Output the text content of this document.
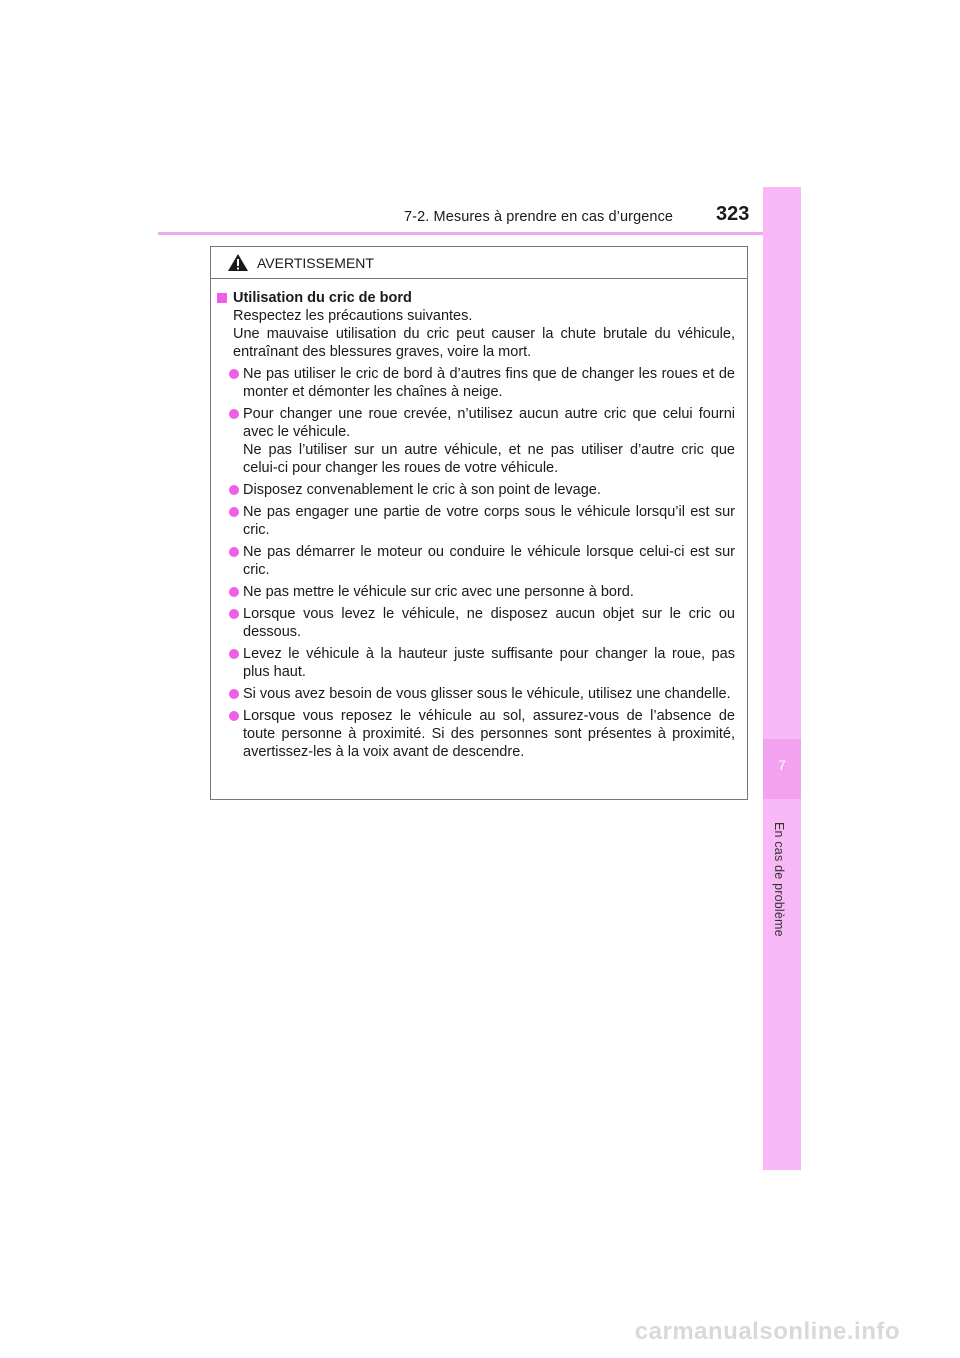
7-2. Mesures à prendre en cas d’urgence 323
7
En cas de problème
AVERTISSEMENT
Utilisation du cric de bord

Respectez les précautions suivantes.

Une mauvaise utilisation du cric peut causer la chute brutale du véhicule, entraînant des blessures graves, voire la mort.

Ne pas utiliser le cric de bord à d’autres fins que de changer les roues et de monter et démonter les chaînes à neige.

Pour changer une roue crevée, n’utilisez aucun autre cric que celui fourni avec le véhicule.

Ne pas l’utiliser sur un autre véhicule, et ne pas utiliser d’autre cric que celui-ci pour changer les roues de votre véhicule.

Disposez convenablement le cric à son point de levage.

Ne pas engager une partie de votre corps sous le véhicule lorsqu’il est sur cric.

Ne pas démarrer le moteur ou conduire le véhicule lorsque celui-ci est sur cric.

Ne pas mettre le véhicule sur cric avec une personne à bord.

Lorsque vous levez le véhicule, ne disposez aucun objet sur le cric ou dessous.

Levez le véhicule à la hauteur juste suffisante pour changer la roue, pas plus haut.

Si vous avez besoin de vous glisser sous le véhicule, utilisez une chandelle.

Lorsque vous reposez le véhicule au sol, assurez-vous de l’absence de toute personne à proximité. Si des personnes sont présentes à proximité, avertissez-les à la voix avant de descendre.

carmanualsonline.info
